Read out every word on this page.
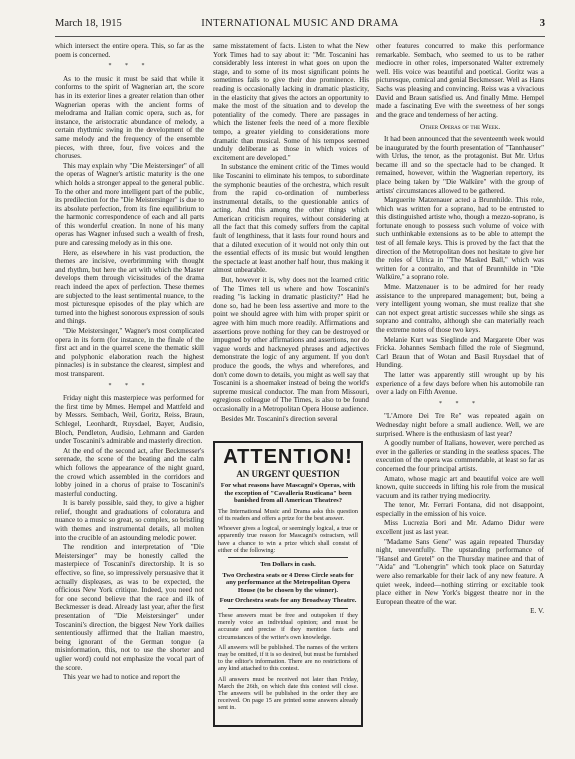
March 18, 1915	INTERNATIONAL MUSIC AND DRAMA	3

which intersect the entire opera. This, so far as the poem is concerned.

* * *

As to the music it must be said that while it conforms to the spirit of Wagnerian art, the score has in its exterior lines a greater relation than other Wagnerian operas with the ancient forms of melodrama and Italian comic opera, such as, for instance, the aristocratic abundance of melody, a certain rhythmic swing in the development of the same melody and the frequency of the ensemble pieces, with three, four, five voices and the choruses.

This may explain why "Die Meistersinger" of all the operas of Wagner's artistic maturity is the one which holds a stronger appeal to the general public. To the other and more intelligent part of the public, its predilection for the "Die Meistersinger" is due to its absolute perfection, from its fine equilibrium to the harmonic correspondence of each and all parts of this wonderful creation. In none of his many operas has Wagner infused such a wealth of fresh, pure and caressing melody as in this one.

Here, as elsewhere in his vast production, the themes are incisive, overbrimming with thought and rhythm, but here the art with which the Master develops them through vicissitudes of the drama reach indeed the apex of perfection. These themes are subjected to the least sentimental nuance, to the most picturesque episodes of the play which are turned into the highest sonorous expression of souls and things.

"Die Meistersinger," Wagner's most complicated opera in its form (for instance, in the finale of the first act and in the quarrel scene the thematic skill and polyphonic elaboration reach the highest pinnacles) is in substance the clearest, simplest and most transparent.

* * *

Friday night this masterpiece was performed for the first time by Mmes. Hempel and Mattfeld and by Messrs. Sembach, Weil, Goritz, Reiss, Braun, Schlegel, Leonhardt, Ruysdael, Bayer, Audisio, Bloch, Pendleton, Audisio, Lehmann and Garden under Toscanini's admirable and masterly direction.

At the end of the second act, after Beckmesser's serenade, the scene of the beating and the calm which follows the appearance of the night guard, the crowd which assembled in the corridors and lobby joined in a chorus of praise to Toscanini's masterful conducting.

It is barely possible, said they, to give a higher relief, thought and graduations of coloratura and nuance to a music so great, so complex, so bristling with themes and instrumental details, all molten into the crucible of an astounding melodic power.

The rendition and interpretation of "Die Meistersinger" may be honestly called the masterpiece of Toscanini's directorship. It is so effective, so fine, so impressively persuasive that it actually displeases, as was to be expected, the officious New York critique. Indeed, you need not for one second believe that the race and ilk of Beckmesser is dead. Already last year, after the first presentation of "Die Meistersinger" under Toscanini's direction, the biggest New York dailies sententiously affirmed that the Italian maestro, being ignorant of the German tongue (a misinformation, this, not to use the shorter and uglier word) could not emphasize the vocal part of the score.

This year we had to notice and report the

same misstatement of facts. Listen to what the New York Times had to say about it: "Mr. Toscanini has considerably less interest in what goes on upon the stage, and to some of its most significant points he sometimes fails to give their due prominence. His reading is occasionally lacking in dramatic plasticity, in the elasticity that gives the actors an opportunity to make the most of the situation and to develop the potentiality of the comedy. There are passages in which the listener feels the need of a more flexible tempo, a greater yielding to considerations more dramatic than musical. Some of his tempos seemed unduly deliberate as those in which voices of excitement are developed."

In substance the eminent critic of the Times would like Toscanini to eliminate his tempos, to subordinate the symphonic beauties of the orchestra, which result from the rapid co-ordination of numberless instrumental details, to the questionable antics of acting. And this among the other things which American criticism requires, without considering at all the fact that this comedy suffers from the capital fault of lengthiness, that it lasts four round hours and that a diluted execution of it would not only thin out the essential effects of its music but would lengthen the spectacle at least another half hour, thus making it almost unbearable.

But, however it is, why does not the learned critic of The Times tell us where and how Toscanini's reading "is lacking in dramatic plasticity?" Had he done so, had he been less assertive and more to the point we should agree with him with proper spirit or agree with him much more readily. Affirmations and assertions prove nothing for they can be destroyed or impugned by other affirmations and assertions, nor do vague words and hackneyed phrases and adjectives demonstrate the logic of any argument. If you don't produce the goods, the whys and wherefores, and don't come down to details, you might as well say that Toscanini is a shoemaker instead of being the world's supreme musical conductor. The man from Missouri, egregious colleague of The Times, is also to be found occasionally in a Metropolitan Opera House audience.

Besides Mr. Toscanini's direction several

ATTENTION!
AN URGENT QUESTION

For what reasons have Mascagni's Operas, with the exception of "Cavalleria Rusticana" been banished from all American Theatres?

The International Music and Drama asks this question of its readers and offers a prize for the best answer.

Whoever gives a logical, or seemingly logical, a true or apparently true reason for Mascagni's ostracism, will have a chance to win a prize which shall consist of either of the following:

Ten Dollars in cash.

Two Orchestra seats or 4 Dress Circle seats for any performance at the Metropolitan Opera House (to be chosen by the winner).

Four Orchestra seats for any Broadway Theatre.

These answers must be free and outspoken if they merely voice an individual opinion; and must be accurate and precise if they mention facts and circumstances of the writer's own knowledge.

All answers will be published. The names of the writers may be omitted, if it is so desired, but must be furnished to the editor's information. There are no restrictions of any kind attached to this contest.

All answers must be received not later than Friday, March the 26th, on which date this contest will close. The answers will be published in the order they are received. On page 15 are printed some answers already sent in.

other features concurred to make this performance remarkable. Sembach, who seemed to us to be rather mediocre in other roles, impersonated Walter extremely well. His voice was beautiful and poetical. Goritz was a picturesque, comical and genial Beckmesser. Well as Hans Sachs was pleasing and convincing. Reiss was a vivacious David and Braun satisfied us. And finally Mme. Hempel made a fascinating Eve with the sweetness of her songs and the grace and tenderness of her acting.

Other Operas of the Week.

It had been announced that the seventeenth week would be inaugurated by the fourth presentation of "Tannhauser" with Urlus, the tenor, as the protagonist. But Mr. Urlus became ill and so the spectacle had to be changed. It remained, however, within the Wagnerian repertory, its place being taken by "Die Walküre" with the group of artists' circumstances allowed to be gathered.

Marguerite Matzenauer acted a Brunnhilde. This role, which was written for a soprano, had to be entrusted to this distinguished artiste who, though a mezzo-soprano, is fortunate enough to possess such volume of voice with such unthinkable extensions as to be able to attempt the test of all female keys. This is proved by the fact that the direction of the Metropolitan does not hesitate to give her the roles of Ulrica in "The Masked Ball," which was written for a contralto, and that of Brunnhilde in "Die Walküre," a soprano role.

Mme. Matzenauer is to be admired for her ready assistance to the unprepared management; but, being a very intelligent young woman, she must realize that she can not expect great artistic successes while she sings as soprano and contralto, although she can materially reach the extreme notes of those two keys.

Melanie Kurt was Sieglinde and Margarete Ober was Fricka. Johannes Sembach filled the role of Siegmund, Carl Braun that of Wotan and Basil Ruysdael that of Hunding.

The latter was apparently still wrought up by his experience of a few days before when his automobile ran over a lady on Fifth Avenue.

* * *

"L'Amore Dei Tre Re" was repeated again on Wednesday night before a small audience. Well, we are surprised. Where is the enthusiasm of last year?

A goodly number of Italians, however, were perched as ever in the galleries or standing in the seatless spaces. The execution of the opera was commendable, at least so far as concerned the four principal artists.

Amato, whose magic art and beautiful voice are well known, quite succeeds in lifting his role from the musical vacuum and its rather trying mediocrity.

The tenor, Mr. Ferrari Fontana, did not disappoint, especially in the emission of his voice.

Miss Lucrezia Bori and Mr. Adamo Didur were excellent just as last year.

"Madame Sans Gene" was again repeated Thursday night, uneventfully. The upstanding performance of "Hansel and Gretel" on the Thursday matinee and that of "Aida" and "Lohengrin" which took place on Saturday were also remarkable for their lack of any new feature. A quiet week, indeed—nothing stirring or excitable took place either in New York's biggest theatre nor in the European theatre of the war.

E. V.
